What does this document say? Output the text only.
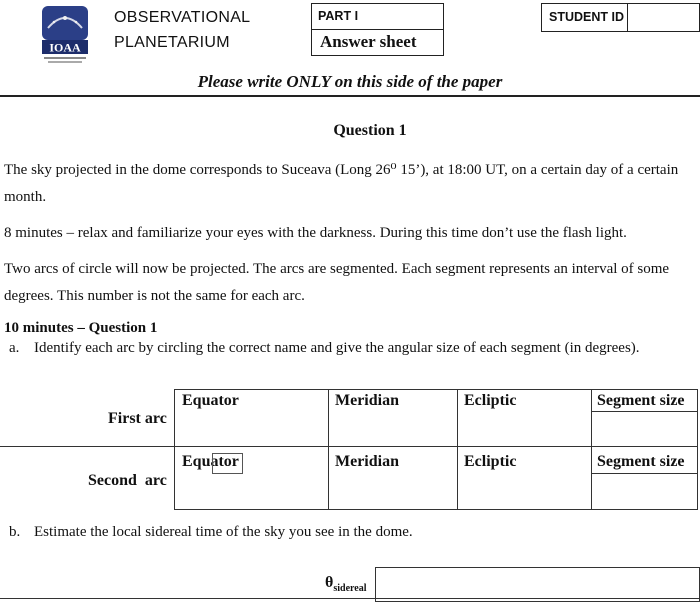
IOAA
OBSERVATIONAL
PLANETARIUM
PART I
Answer sheet
STUDENT ID
Please write ONLY on this side of the paper
Question 1
The sky projected in the dome corresponds to Suceava (Long 26⁰ 15’), at 18:00 UT, on a certain day of a certain month.
8 minutes – relax and familiarize your eyes with the darkness. During this time don’t use the flash light.
Two arcs of circle will now be projected. The arcs are segmented. Each segment represents an interval of some degrees. This number is not the same for each arc.
10 minutes – Question 1
a. Identify each arc by circling the correct name and give the angular size of each segment (in degrees).
First arc
Equator	Meridian	Ecliptic	Segment size
Second  arc
Equator	Meridian	Ecliptic	Segment size
b. Estimate the local sidereal time of the sky you see in the dome.
$\theta_{sidereal}$
